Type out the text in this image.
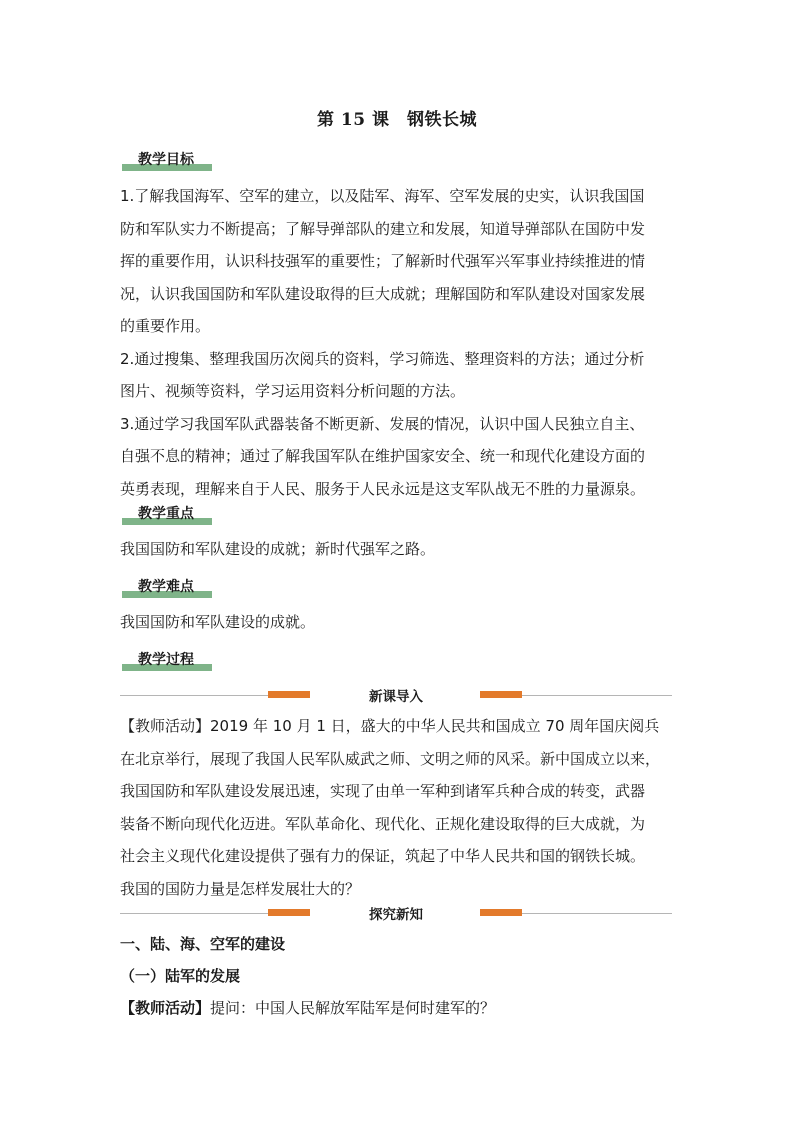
第 15 课　钢铁长城
教学目标
1.了解我国海军、空军的建立，以及陆军、海军、空军发展的史实，认识我国国
防和军队实力不断提高；了解导弹部队的建立和发展，知道导弹部队在国防中发
挥的重要作用，认识科技强军的重要性；了解新时代强军兴军事业持续推进的情
况，认识我国国防和军队建设取得的巨大成就；理解国防和军队建设对国家发展
的重要作用。
2.通过搜集、整理我国历次阅兵的资料，学习筛选、整理资料的方法；通过分析
图片、视频等资料，学习运用资料分析问题的方法。
3.通过学习我国军队武器装备不断更新、发展的情况，认识中国人民独立自主、
自强不息的精神；通过了解我国军队在维护国家安全、统一和现代化建设方面的
英勇表现，理解来自于人民、服务于人民永远是这支军队战无不胜的力量源泉。
教学重点
我国国防和军队建设的成就；新时代强军之路。
教学难点
我国国防和军队建设的成就。
教学过程
新课导入
【教师活动】2019 年 10 月 1 日，盛大的中华人民共和国成立 70 周年国庆阅兵
在北京举行，展现了我国人民军队威武之师、文明之师的风采。新中国成立以来，
我国国防和军队建设发展迅速，实现了由单一军种到诸军兵种合成的转变，武器
装备不断向现代化迈进。军队革命化、现代化、正规化建设取得的巨大成就，为
社会主义现代化建设提供了强有力的保证，筑起了中华人民共和国的钢铁长城。
我国的国防力量是怎样发展壮大的？
探究新知
一、陆、海、空军的建设
（一）陆军的发展
【教师活动】提问：中国人民解放军陆军是何时建军的？
